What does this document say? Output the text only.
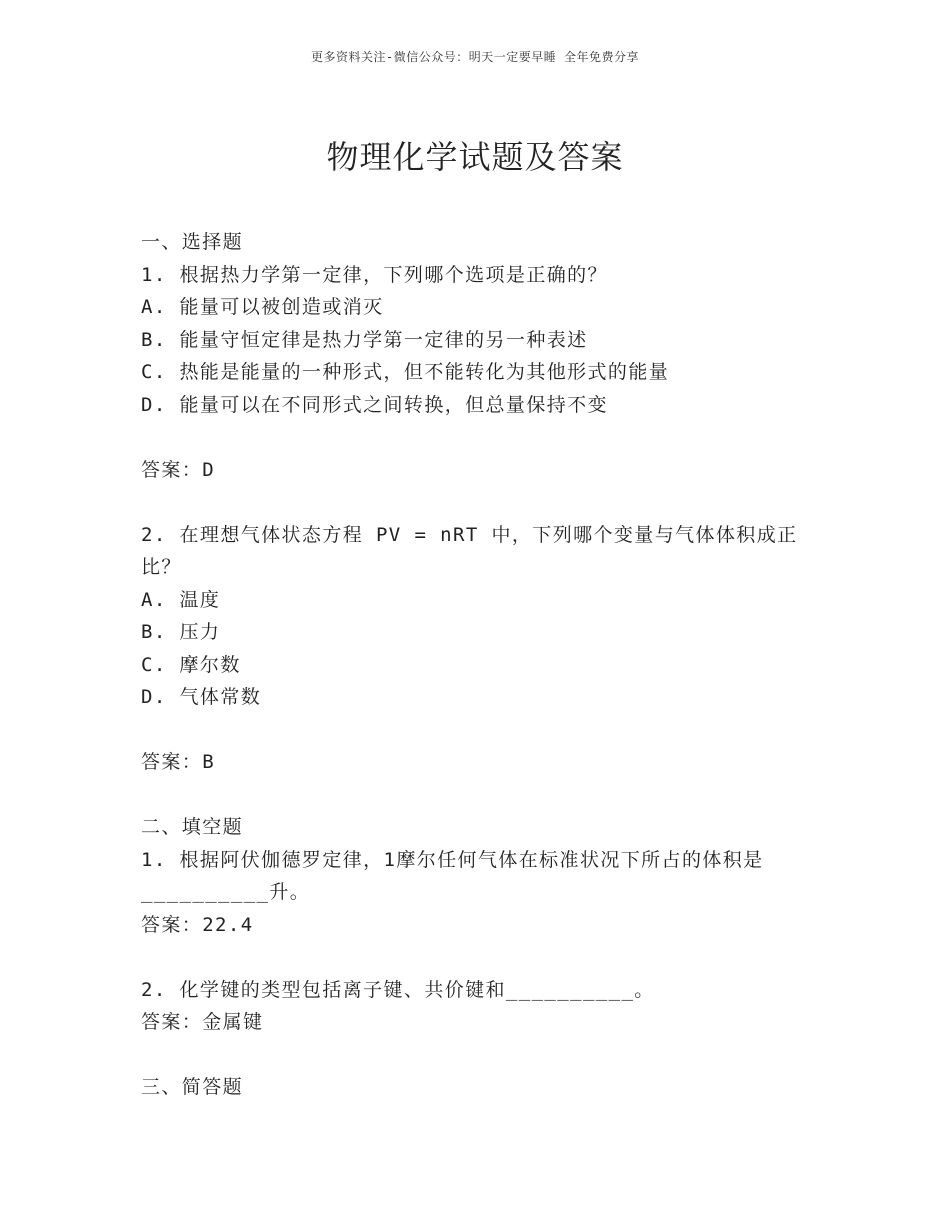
更多资料关注-微信公众号：明天一定要早睡 全年免费分享
物理化学试题及答案

一、选择题

1. 根据热力学第一定律，下列哪个选项是正确的？

A. 能量可以被创造或消灭

B. 能量守恒定律是热力学第一定律的另一种表述

C. 热能是能量的一种形式，但不能转化为其他形式的能量

D. 能量可以在不同形式之间转换，但总量保持不变

答案：D

2. 在理想气体状态方程 PV = nRT 中，下列哪个变量与气体体积成正

比？

A. 温度

B. 压力

C. 摩尔数

D. 气体常数

答案：B

二、填空题

1. 根据阿伏伽德罗定律，1摩尔任何气体在标准状况下所占的体积是

__________升。

答案：22.4

2. 化学键的类型包括离子键、共价键和__________。

答案：金属键

三、简答题
